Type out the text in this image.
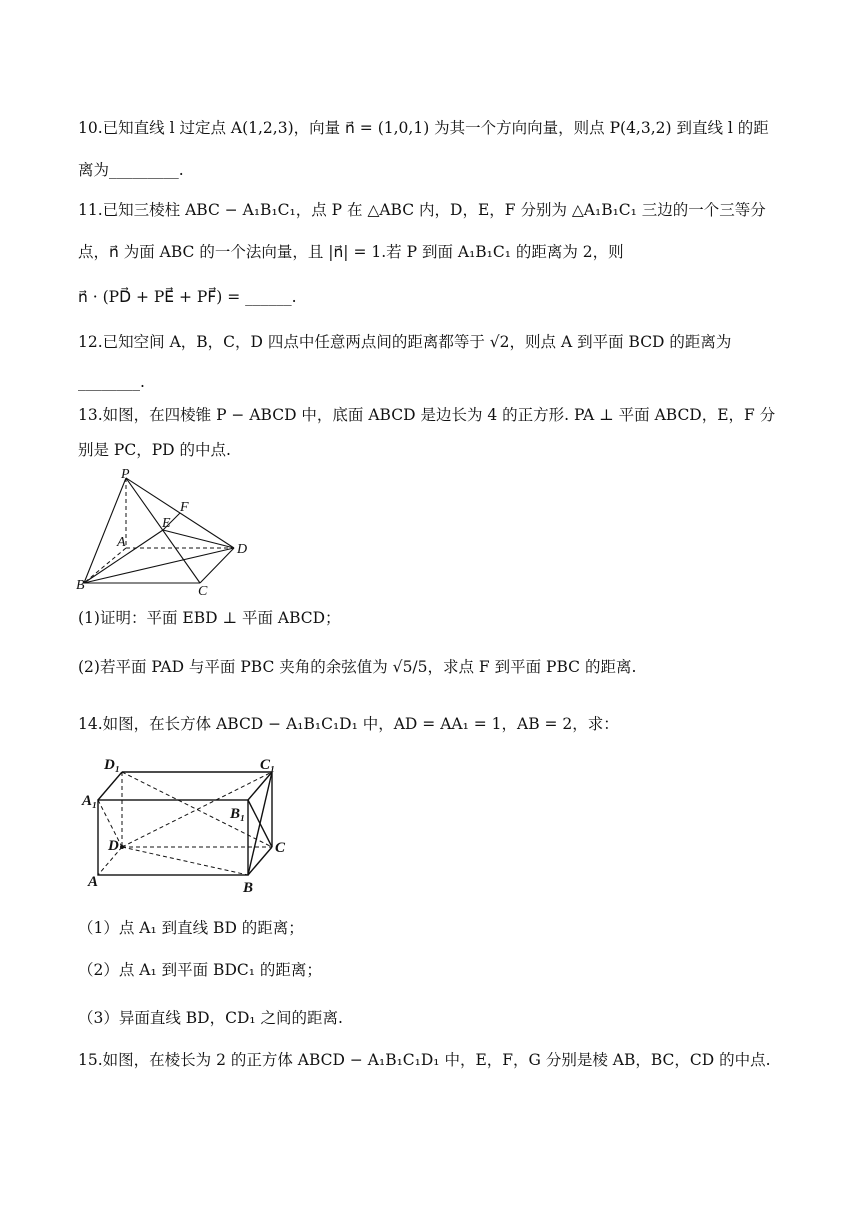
10.已知直线 l 过定点 A(1,2,3)，向量 n⃗ = (1,0,1) 为其一个方向向量，则点 P(4,3,2) 到直线 l 的距
离为_________.
11.已知三棱柱 ABC − A₁B₁C₁，点 P 在 △ABC 内，D，E，F 分别为 △A₁B₁C₁ 三边的一个三等分
点，n⃗ 为面 ABC 的一个法向量，且 |n⃗| = 1.若 P 到面 A₁B₁C₁ 的距离为 2，则
n⃗ · (PD⃗ + PE⃗ + PF⃗) = ______.
12.已知空间 A，B，C，D 四点中任意两点间的距离都等于 √2，则点 A 到平面 BCD 的距离为
________.
13.如图，在四棱锥 P − ABCD 中，底面 ABCD 是边长为 4 的正方形. PA ⊥ 平面 ABCD，E，F 分
别是 PC，PD 的中点.
P
F
E
A	D
B	C
(1)证明：平面 EBD ⊥ 平面 ABCD；
(2)若平面 PAD 与平面 PBC 夹角的余弦值为 √5/5，求点 F 到平面 PBC 的距离.
14.如图，在长方体 ABCD − A₁B₁C₁D₁ 中，AD = AA₁ = 1，AB = 2，求：
D₁	C₁
A₁
B₁
D	C
A	B
（1）点 A₁ 到直线 BD 的距离；
（2）点 A₁ 到平面 BDC₁ 的距离；
（3）异面直线 BD，CD₁ 之间的距离.
15.如图，在棱长为 2 的正方体 ABCD − A₁B₁C₁D₁ 中，E，F，G 分别是棱 AB，BC，CD 的中点.
